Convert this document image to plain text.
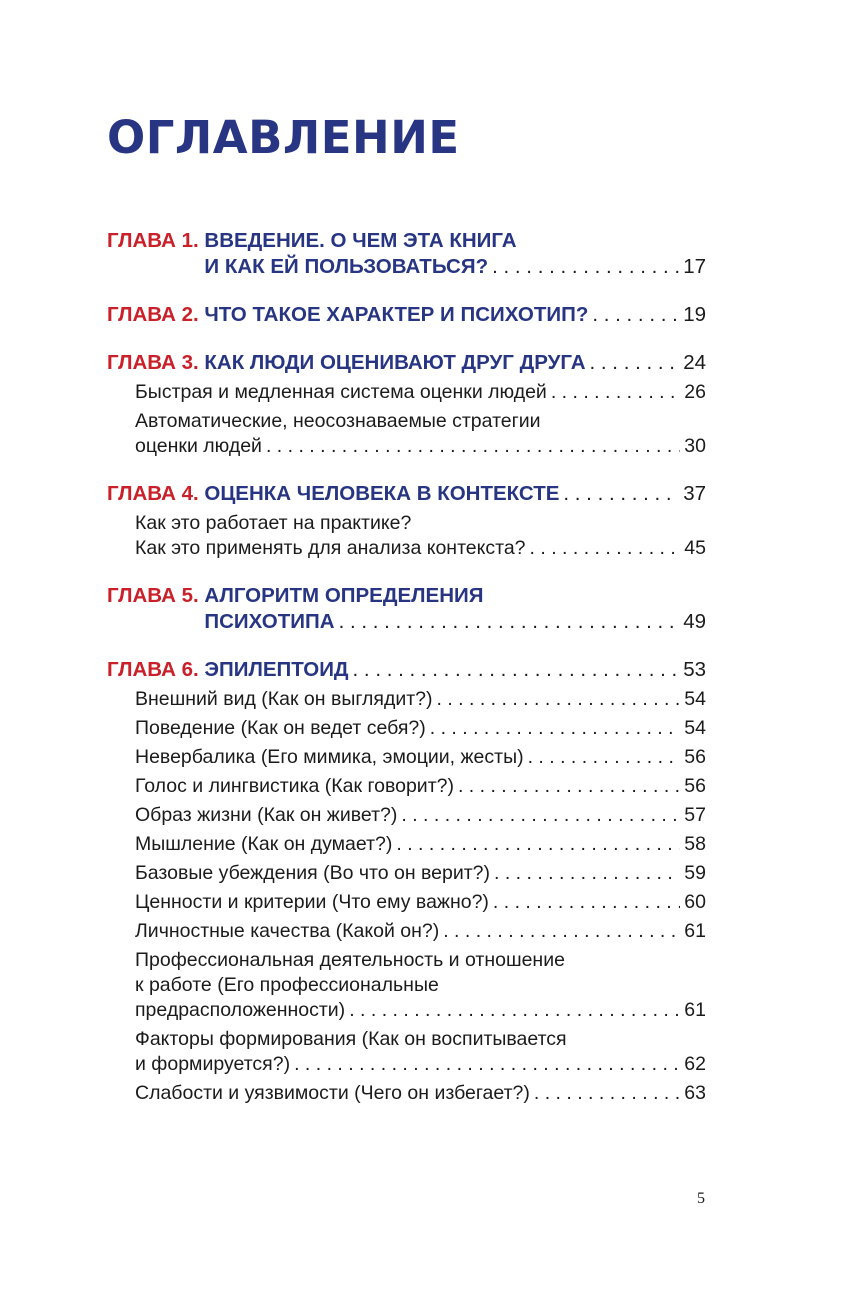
ОГЛАВЛЕНИЕ
ГЛАВА 1.
ВВЕДЕНИЕ. О ЧЕМ ЭТА КНИГА
И КАК ЕЙ ПОЛЬЗОВАТЬСЯ? . . .	17
ГЛАВА 2.
ЧТО ТАКОЕ ХАРАКТЕР И ПСИХОТИП? . . .	19
ГЛАВА 3.
КАК ЛЮДИ ОЦЕНИВАЮТ ДРУГ ДРУГА . . .	24
Быстрая и медленная система оценки людей . . .	26
Автоматические, неосознаваемые стратегии
оценки людей . . .	30
ГЛАВА 4.
ОЦЕНКА ЧЕЛОВЕКА В КОНТЕКСТЕ . . .	37
Как это работает на практике?
Как это применять для анализа контекста? . . .	45
ГЛАВА 5.
АЛГОРИТМ ОПРЕДЕЛЕНИЯ
ПСИХОТИПА . . .	49
ГЛАВА 6.
ЭПИЛЕПТОИД . . .	53
Внешний вид (Как он выглядит?) . . .	54
Поведение (Как он ведет себя?) . . .	54
Невербалика (Его мимика, эмоции, жесты) . . .	56
Голос и лингвистика (Как говорит?) . . .	56
Образ жизни (Как он живет?) . . .	57
Мышление (Как он думает?) . . .	58
Базовые убеждения (Во что он верит?) . . .	59
Ценности и критерии (Что ему важно?) . . .	60
Личностные качества (Какой он?) . . .	61
Профессиональная деятельность и отношение
к работе (Его профессиональные
предрасположенности) . . .	61
Факторы формирования (Как он воспитывается
и формируется?) . . .	62
Слабости и уязвимости (Чего он избегает?) . . .	63
5
